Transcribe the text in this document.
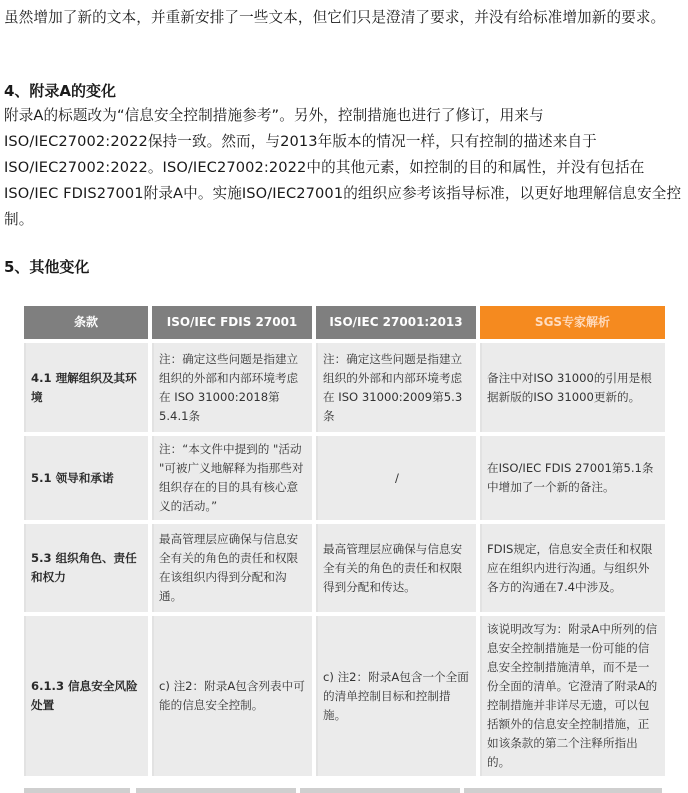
虽然增加了新的文本，并重新安排了一些文本，但它们只是澄清了要求，并没有给标准增加新的要求。

4、附录A的变化

附录A的标题改为“信息安全控制措施参考”。另外，控制措施也进行了修订，用来与ISO/IEC27002:2022保持一致。然而，与2013年版本的情况一样，只有控制的描述来自于ISO/IEC27002:2022。ISO/IEC27002:2022中的其他元素，如控制的目的和属性，并没有包括在ISO/IEC FDIS27001附录A中。实施ISO/IEC27001的组织应参考该指导标准，以更好地理解信息安全控制。

5、其他变化
条款	ISO/IEC FDIS 27001	ISO/IEC 27001:2013	SGS专家解析
4.1 理解组织及其环境	注：确定这些问题是指建立组织的外部和内部环境考虑在 ISO 31000:2018第5.4.1条	注：确定这些问题是指建立组织的外部和内部环境考虑在 ISO 31000:2009第5.3条	备注中对ISO 31000的引用是根据新版的ISO 31000更新的。
5.1 领导和承诺	注：“本文件中提到的 "活动 "可被广义地解释为指那些对组织存在的目的具有核心意义的活动。”	/	在ISO/IEC FDIS 27001第5.1条中增加了一个新的备注。
5.3 组织角色、责任和权力	最高管理层应确保与信息安全有关的角色的责任和权限在该组织内得到分配和沟通。	最高管理层应确保与信息安全有关的角色的责任和权限得到分配和传达。	FDIS规定，信息安全责任和权限应在组织内进行沟通。与组织外各方的沟通在7.4中涉及。
6.1.3 信息安全风险处置	c) 注2：附录A包含列表中可能的信息安全控制。	c) 注2：附录A包含一个全面的清单控制目标和控制措施。	该说明改写为：附录A中所列的信息安全控制措施是一份可能的信息安全控制措施清单，而不是一份全面的清单。它澄清了附录A的控制措施并非详尽无遗，可以包括额外的信息安全控制措施，正如该条款的第二个注释所指出的。
